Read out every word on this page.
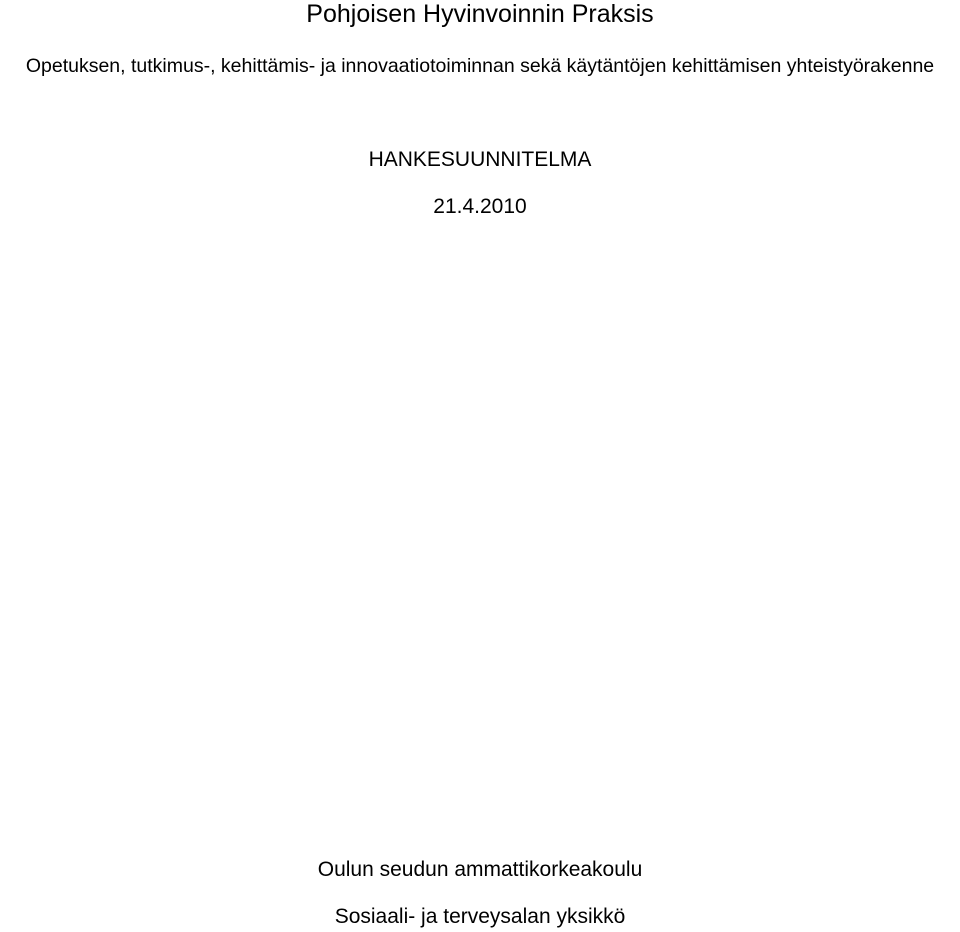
Pohjoisen Hyvinvoinnin Praksis
Opetuksen, tutkimus-, kehittämis- ja innovaatiotoiminnan sekä käytäntöjen kehittämisen yhteistyörakenne
HANKESUUNNITELMA
21.4.2010
Oulun seudun ammattikorkeakoulu
Sosiaali- ja terveysalan yksikkö
